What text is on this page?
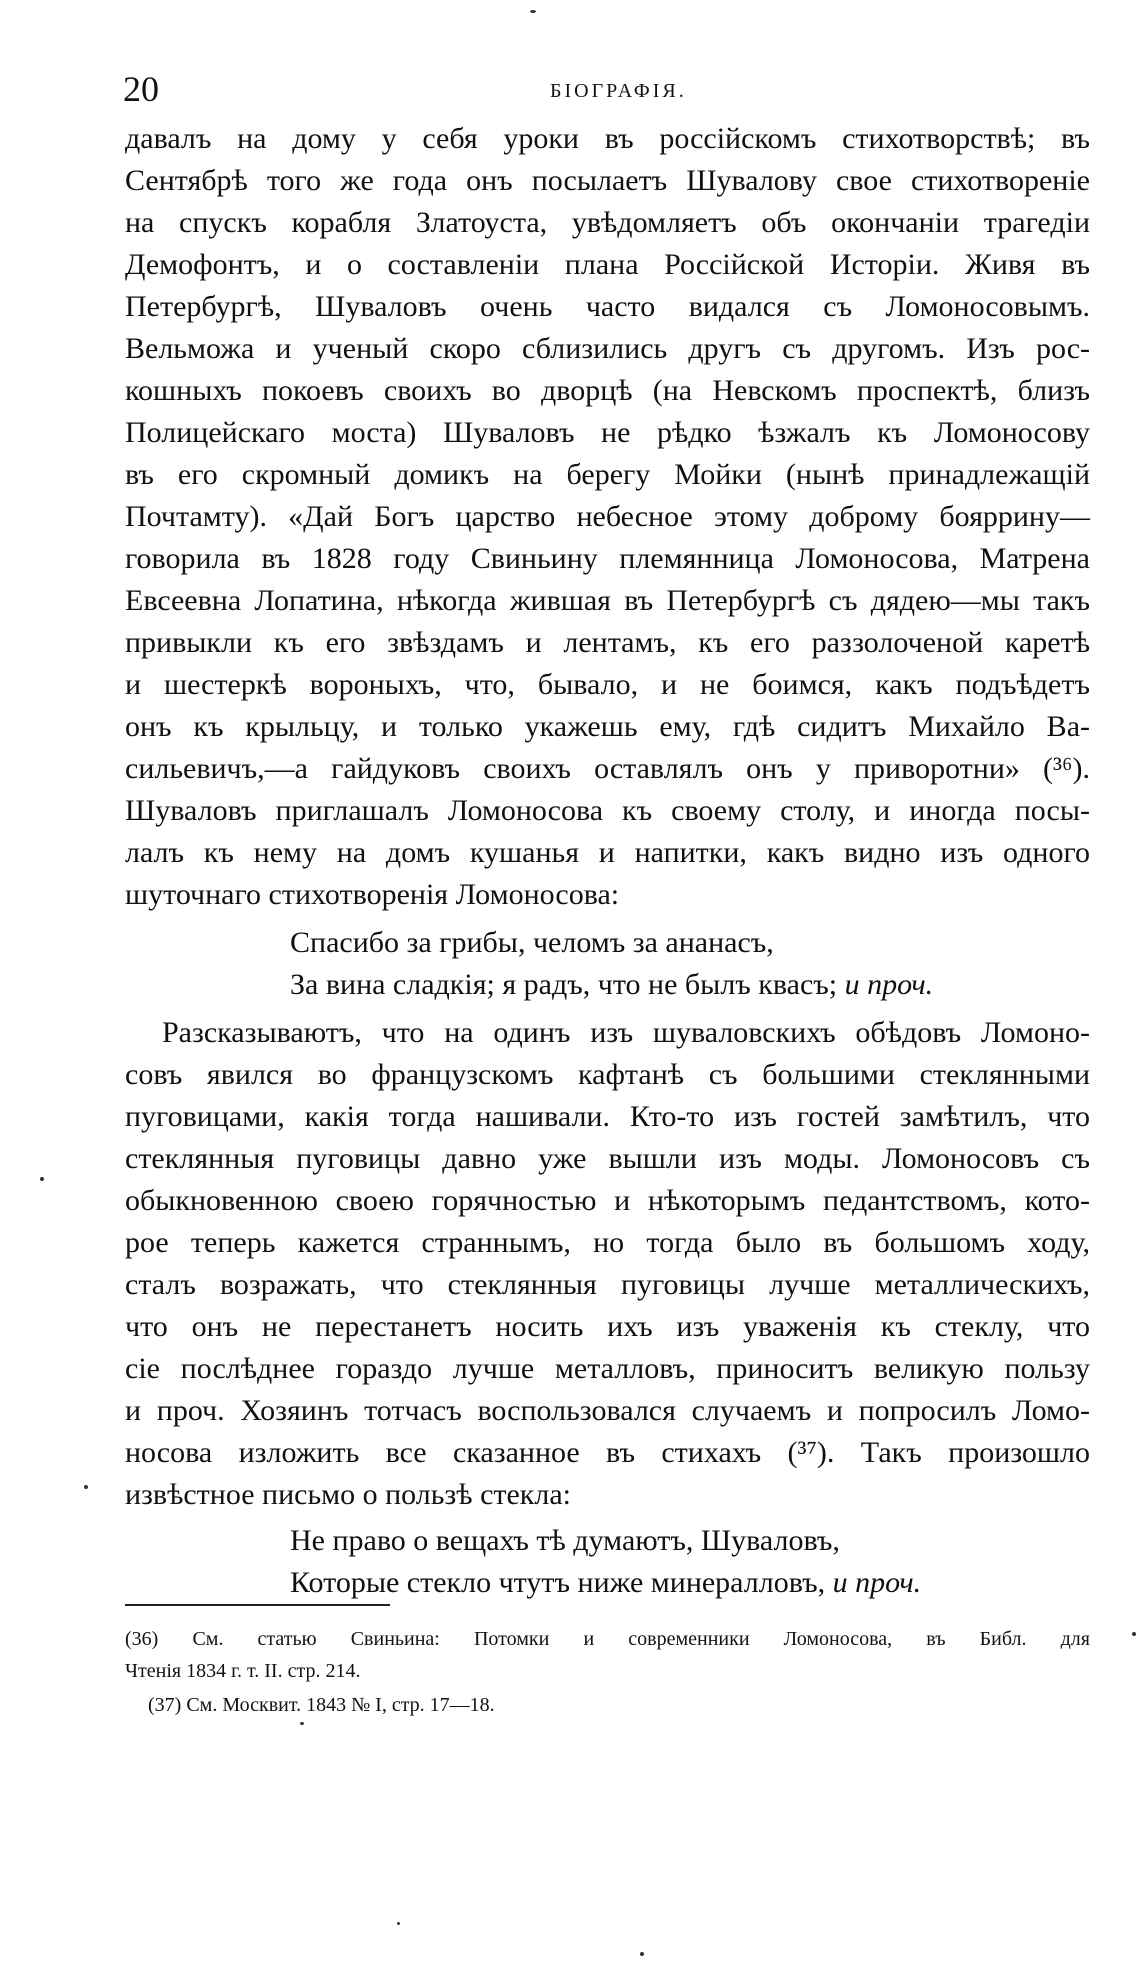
20	БІОГРАФІЯ.
давалъ на дому у себя уроки въ россійскомъ стихотворствѣ; въ
Сентябрѣ того же года онъ посылаетъ Шувалову свое стихотвореніе
на спускъ корабля Златоуста, увѣдомляетъ объ окончаніи трагедіи
Демофонтъ, и о составленіи плана Россійской Исторіи. Живя въ
Петербургѣ, Шуваловъ очень часто видался съ Ломоносовымъ.
Вельможа и ученый скоро сблизились другъ съ другомъ. Изъ рос-
кошныхъ покоевъ своихъ во дворцѣ (на Невскомъ проспектѣ, близъ
Полицейскаго моста) Шуваловъ не рѣдко ѣзжалъ къ Ломоносову
въ его скромный домикъ на берегу Мойки (нынѣ принадлежащій
Почтамту). «Дай Богъ царство небесное этому доброму бояррину—
говорила въ 1828 году Свиньину племянница Ломоносова, Матрена
Евсеевна Лопатина, нѣкогда жившая въ Петербургѣ съ дядею—мы такъ
привыкли къ его звѣздамъ и лентамъ, къ его раззолоченой каретѣ
и шестеркѣ вороныхъ, что, бывало, и не боимся, какъ подъѣдетъ
онъ къ крыльцу, и только укажешь ему, гдѣ сидитъ Михайло Ва-
сильевичъ,—а гайдуковъ своихъ оставлялъ онъ у приворотни» (³⁶).
Шуваловъ приглашалъ Ломоносова къ своему столу, и иногда посы-
лалъ къ нему на домъ кушанья и напитки, какъ видно изъ одного
шуточнаго стихотворенія Ломоносова:
Спасибо за грибы, челомъ за ананасъ,
За вина сладкія; я радъ, что не былъ квасъ; и проч.
Разсказываютъ, что на одинъ изъ шуваловскихъ обѣдовъ Ломоно-
совъ явился во французскомъ кафтанѣ съ большими стеклянными
пуговицами, какія тогда нашивали. Кто-то изъ гостей замѣтилъ, что
стеклянныя пуговицы давно уже вышли изъ моды. Ломоносовъ съ
обыкновенною своею горячностью и нѣкоторымъ педантствомъ, кото-
рое теперь кажется страннымъ, но тогда было въ большомъ ходу,
сталъ возражать, что стеклянныя пуговицы лучше металлическихъ,
что онъ не перестанетъ носить ихъ изъ уваженія къ стеклу, что
сіе послѣднее гораздо лучше металловъ, приноситъ великую пользу
и проч. Хозяинъ тотчасъ воспользовался случаемъ и попросилъ Ломо-
носова изложить все сказанное въ стихахъ (³⁷). Такъ произошло
извѣстное письмо о пользѣ стекла:
Не право о вещахъ тѣ думаютъ, Шуваловъ,
Которые стекло чтутъ ниже минералловъ, и проч.
(36) См. статью Свиньина: Потомки и современники Ломоносова, въ Библ. для
Чтенія 1834 г. т. II. стр. 214.
(37) См. Москвит. 1843 № I, стр. 17—18.
